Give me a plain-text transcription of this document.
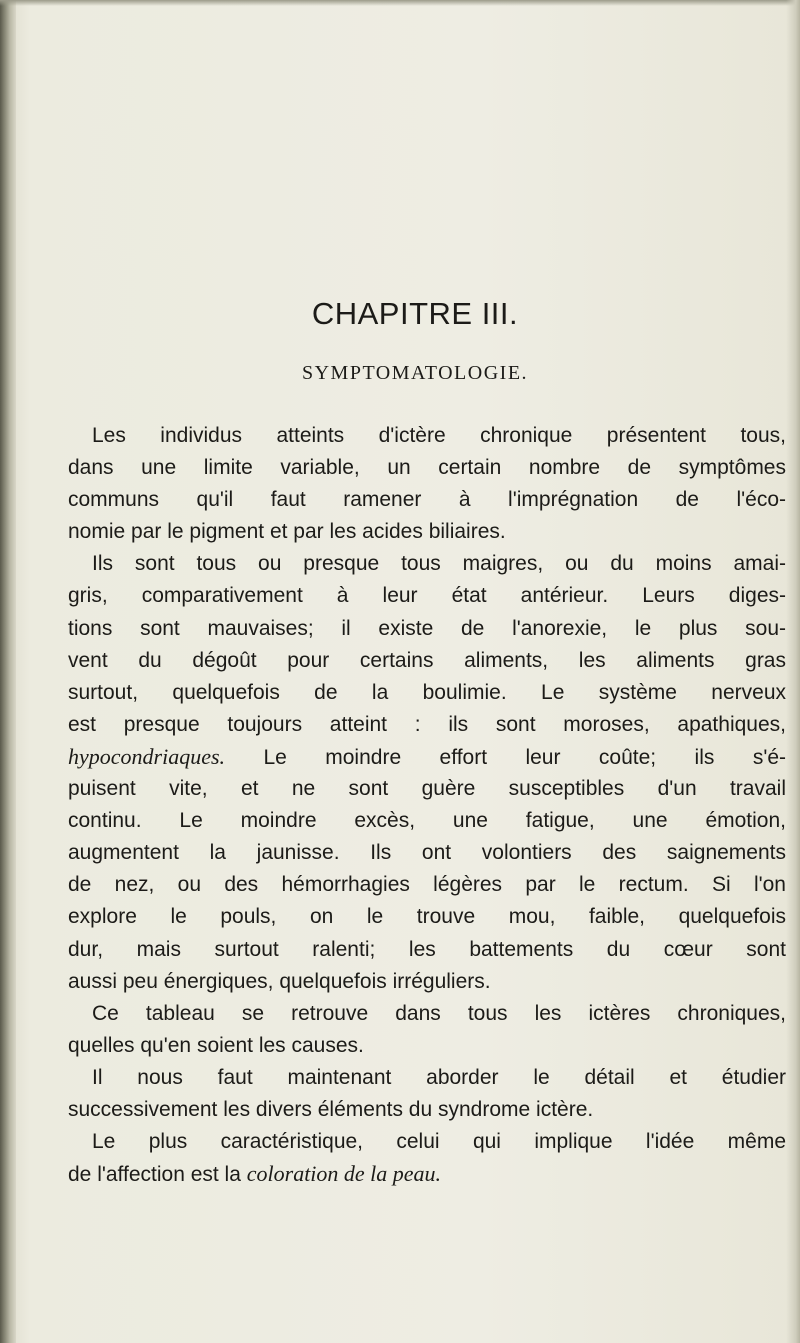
CHAPITRE III.
SYMPTOMATOLOGIE.
Les individus atteints d'ictère chronique présentent tous,
dans une limite variable, un certain nombre de symptômes
communs qu'il faut ramener à l'imprégnation de l'éco-
nomie par le pigment et par les acides biliaires.
Ils sont tous ou presque tous maigres, ou du moins amai-
gris, comparativement à leur état antérieur. Leurs diges-
tions sont mauvaises; il existe de l'anorexie, le plus sou-
vent du dégoût pour certains aliments, les aliments gras
surtout, quelquefois de la boulimie. Le système nerveux
est presque toujours atteint : ils sont moroses, apathiques,
hypocondriaques. Le moindre effort leur coûte; ils s'é-
puisent vite, et ne sont guère susceptibles d'un travail
continu. Le moindre excès, une fatigue, une émotion,
augmentent la jaunisse. Ils ont volontiers des saignements
de nez, ou des hémorrhagies légères par le rectum. Si l'on
explore le pouls, on le trouve mou, faible, quelquefois
dur, mais surtout ralenti; les battements du cœur sont
aussi peu énergiques, quelquefois irréguliers.
Ce tableau se retrouve dans tous les ictères chroniques,
quelles qu'en soient les causes.
Il nous faut maintenant aborder le détail et étudier
successivement les divers éléments du syndrome ictère.
Le plus caractéristique, celui qui implique l'idée même
de l'affection est la coloration de la peau.
